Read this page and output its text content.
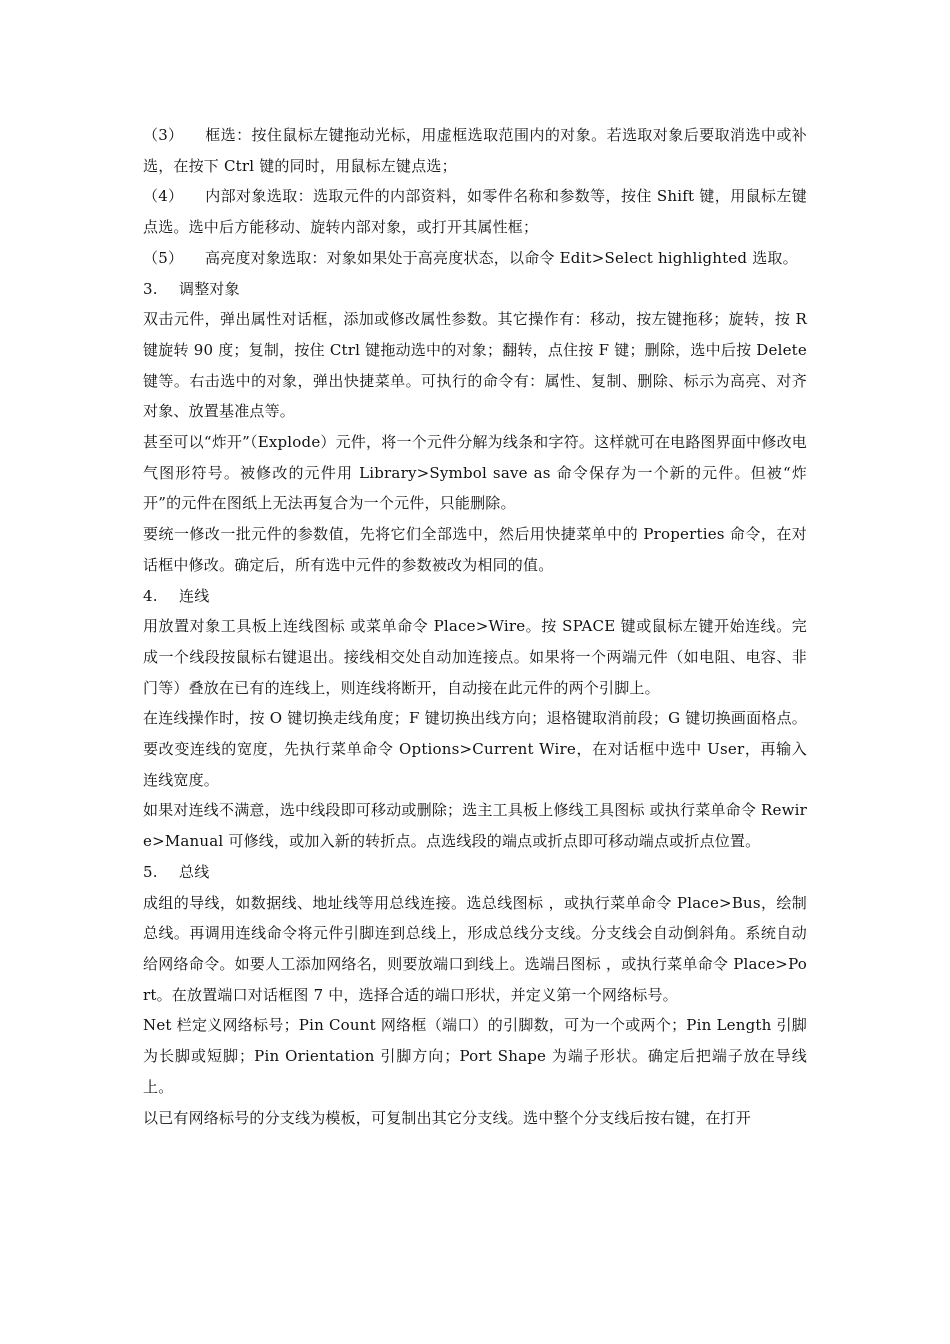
（3） 框选：按住鼠标左键拖动光标，用虚框选取范围内的对象。若选取对象后要取消选中或补选，在按下 Ctrl 键的同时，用鼠标左键点选；

（4） 内部对象选取：选取元件的内部资料，如零件名称和参数等，按住 Shift 键，用鼠标左键点选。选中后方能移动、旋转内部对象，或打开其属性框；

（5） 高亮度对象选取：对象如果处于高亮度状态，以命令 Edit>Select highlighted 选取。

3. 调整对象

双击元件，弹出属性对话框，添加或修改属性参数。其它操作有：移动，按左键拖移；旋转，按 R 键旋转 90 度；复制，按住 Ctrl 键拖动选中的对象；翻转，点住按 F 键；删除，选中后按 Delete 键等。右击选中的对象，弹出快捷菜单。可执行的命令有：属性、复制、删除、标示为高亮、对齐对象、放置基准点等。

甚至可以“炸开”（Explode）元件，将一个元件分解为线条和字符。这样就可在电路图界面中修改电气图形符号。被修改的元件用 Library>Symbol save as 命令保存为一个新的元件。但被“炸开”的元件在图纸上无法再复合为一个元件，只能删除。

要统一修改一批元件的参数值，先将它们全部选中，然后用快捷菜单中的 Properties 命令，在对话框中修改。确定后，所有选中元件的参数被改为相同的值。

4. 连线

用放置对象工具板上连线图标 或菜单命令 Place>Wire。按 SPACE 键或鼠标左键开始连线。完成一个线段按鼠标右键退出。接线相交处自动加连接点。如果将一个两端元件（如电阻、电容、非门等）叠放在已有的连线上，则连线将断开，自动接在此元件的两个引脚上。

在连线操作时，按 O 键切换走线角度；F 键切换出线方向；退格键取消前段；G 键切换画面格点。要改变连线的宽度，先执行菜单命令 Options>Current Wire，在对话框中选中 User，再输入连线宽度。

如果对连线不满意，选中线段即可移动或删除；选主工具板上修线工具图标 或执行菜单命令 Rewire>Manual 可修线，或加入新的转折点。点选线段的端点或折点即可移动端点或折点位置。

5. 总线

成组的导线，如数据线、地址线等用总线连接。选总线图标 ，或执行菜单命令 Place>Bus，绘制总线。再调用连线命令将元件引脚连到总线上，形成总线分支线。分支线会自动倒斜角。系统自动给网络命令。如要人工添加网络名，则要放端口到线上。选端吕图标 ，或执行菜单命令 Place>Port。在放置端口对话框图 7 中，选择合适的端口形状，并定义第一个网络标号。

Net 栏定义网络标号；Pin Count 网络框（端口）的引脚数，可为一个或两个；Pin Length 引脚为长脚或短脚；Pin Orientation 引脚方向；Port Shape 为端子形状。确定后把端子放在导线上。

以已有网络标号的分支线为模板，可复制出其它分支线。选中整个分支线后按右键，在打开
